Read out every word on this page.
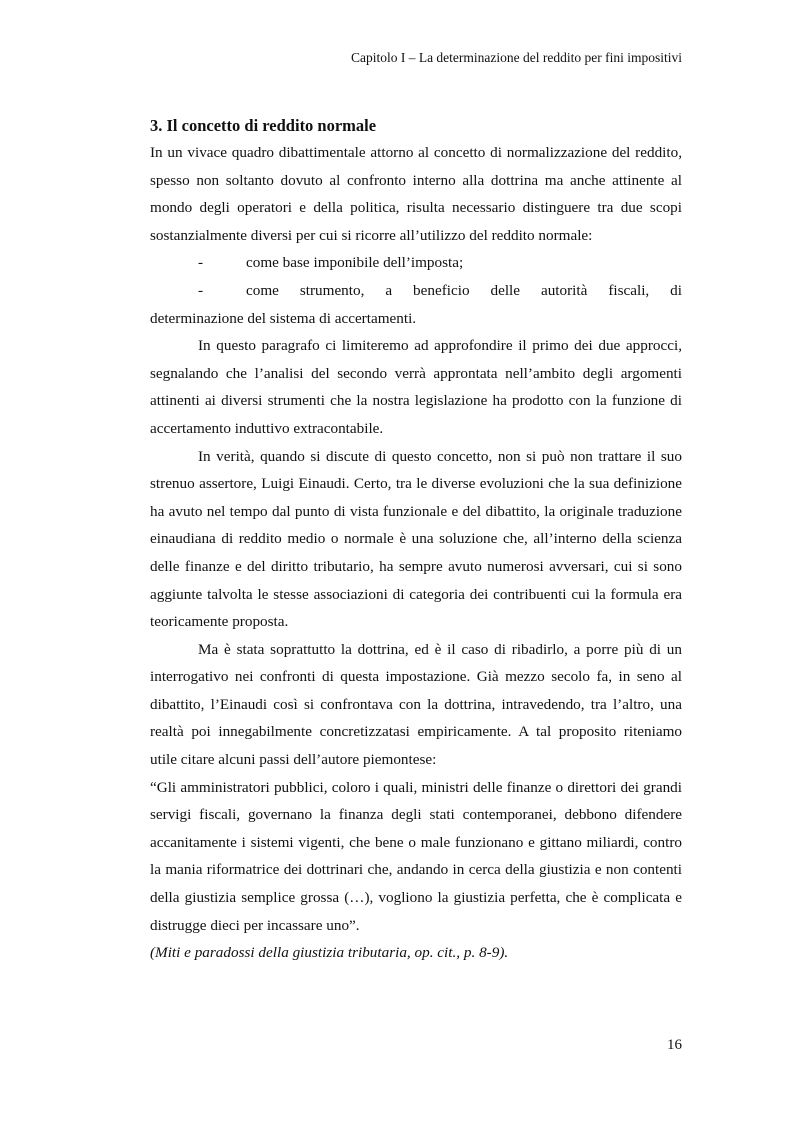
Capitolo I – La determinazione del reddito per fini impositivi

3. Il concetto di reddito normale

In un vivace quadro dibattimentale attorno al concetto di normalizzazione del reddito, spesso non soltanto dovuto al confronto interno alla dottrina ma anche attinente al mondo degli operatori e della politica, risulta necessario distinguere tra due scopi sostanzialmente diversi per cui si ricorre all’utilizzo del reddito normale:

-	come base imponibile dell’imposta;

-	come strumento, a beneficio delle autorità fiscali, di

determinazione del sistema di accertamenti.

In questo paragrafo ci limiteremo ad approfondire il primo dei due approcci, segnalando che l’analisi del secondo verrà approntata nell’ambito degli argomenti attinenti ai diversi strumenti che la nostra legislazione ha prodotto con la funzione di accertamento induttivo extracontabile.

In verità, quando si discute di questo concetto, non si può non trattare il suo strenuo assertore, Luigi Einaudi. Certo, tra le diverse evoluzioni che la sua definizione ha avuto nel tempo dal punto di vista funzionale e del dibattito, la originale traduzione einaudiana di reddito medio o normale è una soluzione che, all’interno della scienza delle finanze e del diritto tributario, ha sempre avuto numerosi avversari, cui si sono aggiunte talvolta le stesse associazioni di categoria dei contribuenti cui la formula era teoricamente proposta.

Ma è stata soprattutto la dottrina, ed è il caso di ribadirlo, a porre più di un interrogativo nei confronti di questa impostazione. Già mezzo secolo fa, in seno al dibattito, l’Einaudi così si confrontava con la dottrina, intravedendo, tra l’altro, una realtà poi innegabilmente concretizzatasi empiricamente. A tal proposito riteniamo utile citare alcuni passi dell’autore piemontese:

“Gli amministratori pubblici, coloro i quali, ministri delle finanze o direttori dei grandi servigi fiscali, governano la finanza degli stati contemporanei, debbono difendere accanitamente i sistemi vigenti, che bene o male funzionano e gittano miliardi, contro la mania riformatrice dei dottrinari che, andando in cerca della giustizia e non contenti della giustizia semplice grossa (…), vogliono la giustizia perfetta, che è complicata e distrugge dieci per incassare uno”.

(Miti e paradossi della giustizia tributaria, op. cit., p. 8-9).

16
